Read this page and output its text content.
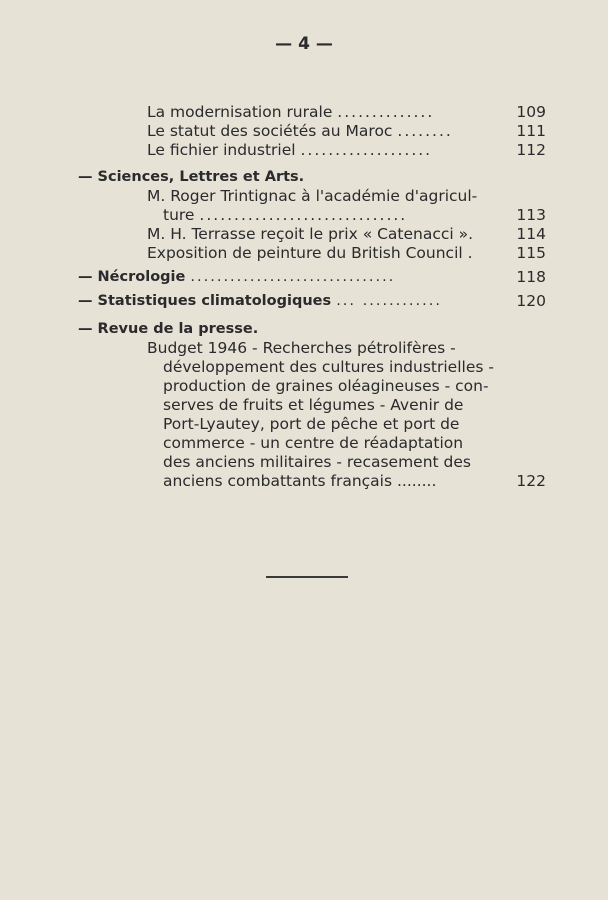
— 4 —
La modernisation rurale ..............	109
Le statut des sociétés au Maroc ........	111
Le fichier industriel ...................	112
— Sciences, Lettres et Arts.
M. Roger Trintignac à l'académie d'agricul-
ture ..............................	113
M. H. Terrasse reçoit le prix « Catenacci ».	114
Exposition de peinture du British Council .	115
— Nécrologie ...............................	118
— Statistiques climatologiques ... ............	120
— Revue de la presse.
Budget 1946 - Recherches pétrolifères -
développement des cultures industrielles -
production de graines oléagineuses - con-
serves de fruits et légumes - Avenir de
Port-Lyautey, port de pêche et port de
commerce - un centre de réadaptation
des anciens militaires - recasement des
anciens combattants français ........	122
